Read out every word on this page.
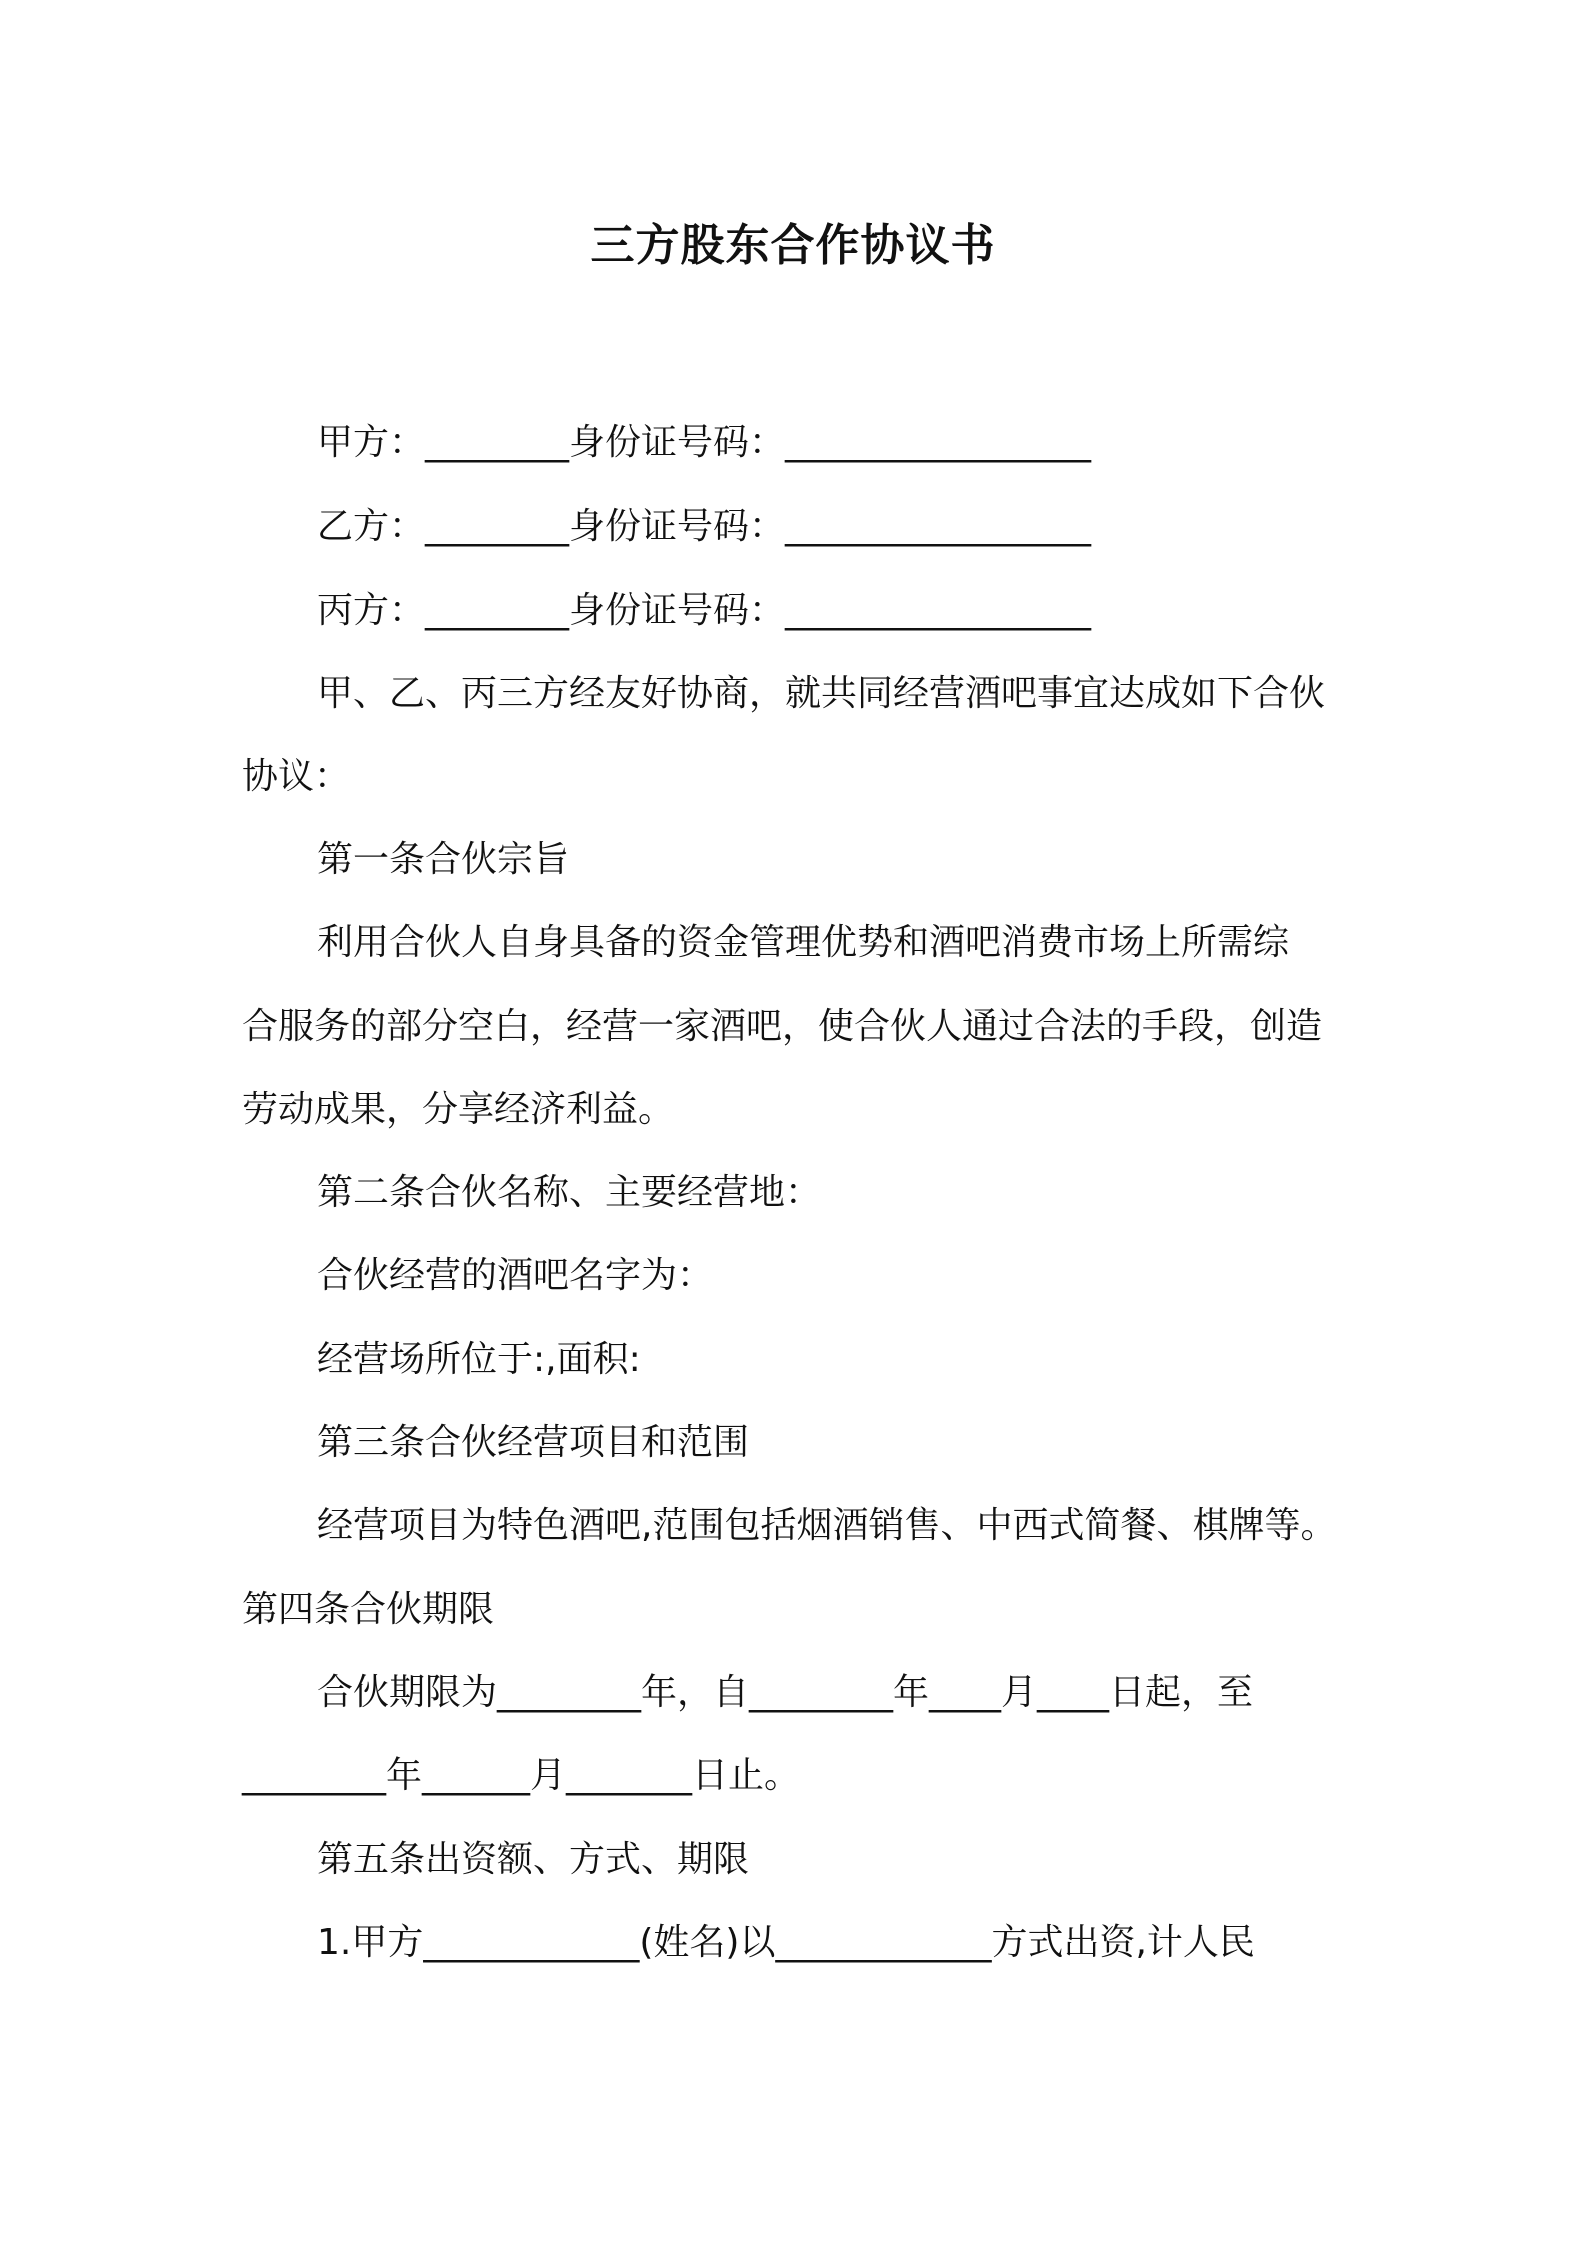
三方股东合作协议书
甲方：________身份证号码：_________________
乙方：________身份证号码：_________________
丙方：________身份证号码：_________________
甲、乙、丙三方经友好协商，就共同经营酒吧事宜达成如下合伙
协议：
第一条合伙宗旨
利用合伙人自身具备的资金管理优势和酒吧消费市场上所需综
合服务的部分空白，经营一家酒吧，使合伙人通过合法的手段，创造
劳动成果，分享经济利益。
第二条合伙名称、主要经营地：
合伙经营的酒吧名字为：
经营场所位于:,面积:
第三条合伙经营项目和范围
经营项目为特色酒吧,范围包括烟酒销售、中西式简餐、棋牌等。
第四条合伙期限
合伙期限为________年，自________年____月____日起，至
________年______月_______日止。
第五条出资额、方式、期限
1.甲方____________(姓名)以____________方式出资,计人民
